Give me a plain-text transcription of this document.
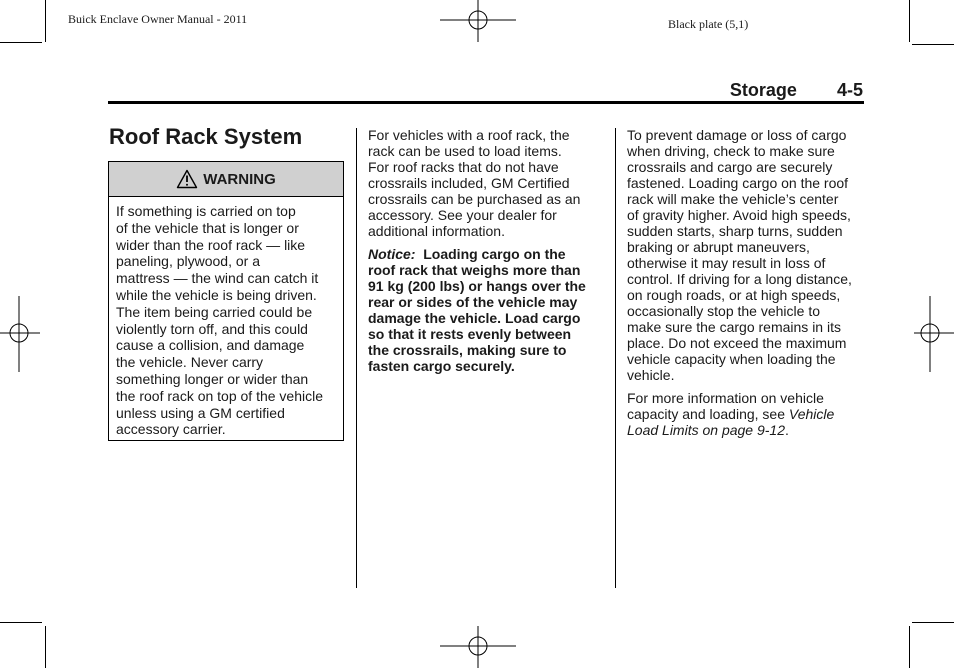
Buick Enclave Owner Manual - 2011	Black plate (5,1)
Storage 4-5
Roof Rack System
WARNING
If something is carried on top
of the vehicle that is longer or
wider than the roof rack — like
paneling, plywood, or a
mattress — the wind can catch it
while the vehicle is being driven.
The item being carried could be
violently torn off, and this could
cause a collision, and damage
the vehicle. Never carry
something longer or wider than
the roof rack on top of the vehicle
unless using a GM certified
accessory carrier.

For vehicles with a roof rack, the
rack can be used to load items.
For roof racks that do not have
crossrails included, GM Certified
crossrails can be purchased as an
accessory. See your dealer for
additional information.

Notice: Loading cargo on the
roof rack that weighs more than
91 kg (200 lbs) or hangs over the
rear or sides of the vehicle may
damage the vehicle. Load cargo
so that it rests evenly between
the crossrails, making sure to
fasten cargo securely.

To prevent damage or loss of cargo
when driving, check to make sure
crossrails and cargo are securely
fastened. Loading cargo on the roof
rack will make the vehicle’s center
of gravity higher. Avoid high speeds,
sudden starts, sharp turns, sudden
braking or abrupt maneuvers,
otherwise it may result in loss of
control. If driving for a long distance,
on rough roads, or at high speeds,
occasionally stop the vehicle to
make sure the cargo remains in its
place. Do not exceed the maximum
vehicle capacity when loading the
vehicle.

For more information on vehicle
capacity and loading, see Vehicle
Load Limits on page 9-12.
